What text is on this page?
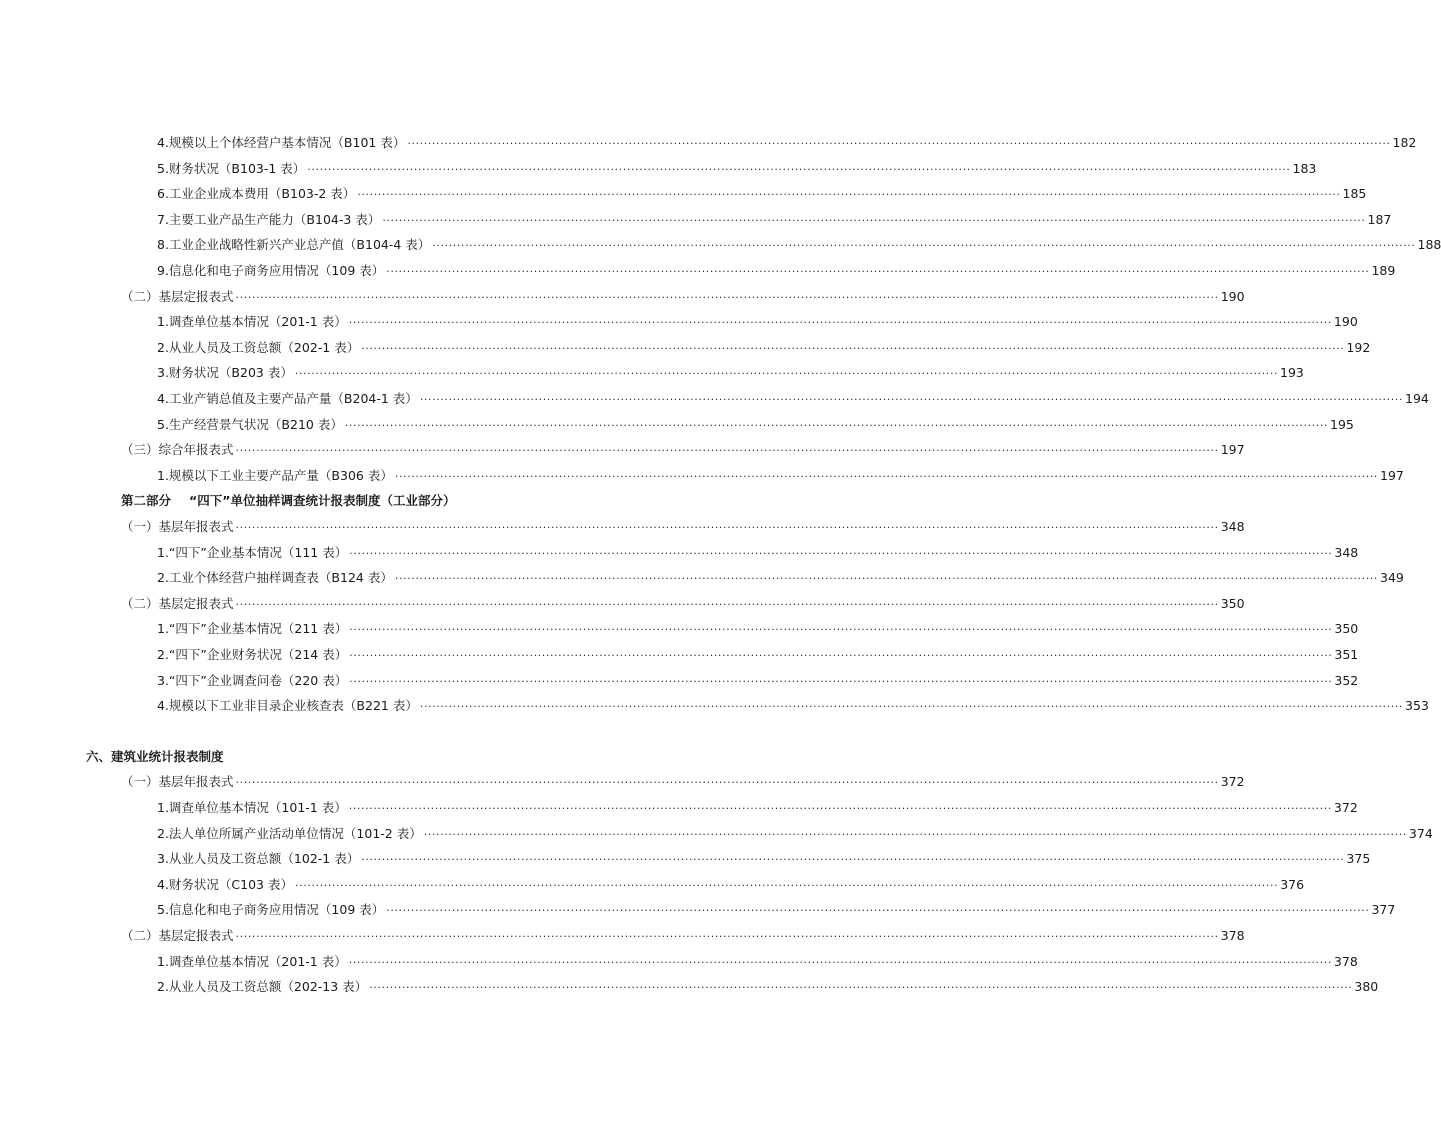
4.规模以上个体经营户基本情况（B101 表） ················································································································································································································································ 182
5.财务状况（B103-1 表） ················································································································································································································································ 183
6.工业企业成本费用（B103-2 表） ················································································································································································································································ 185
7.主要工业产品生产能力（B104-3 表） ················································································································································································································································ 187
8.工业企业战略性新兴产业总产值（B104-4 表） ················································································································································································································································ 188
9.信息化和电子商务应用情况（109 表） ················································································································································································································································ 189
（二）基层定报表式 ················································································································································································································································ 190
1.调查单位基本情况（201-1 表） ················································································································································································································································ 190
2.从业人员及工资总额（202-1 表） ················································································································································································································································ 192
3.财务状况（B203 表） ················································································································································································································································ 193
4.工业产销总值及主要产品产量（B204-1 表） ················································································································································································································································ 194
5.生产经营景气状况（B210 表） ················································································································································································································································ 195
（三）综合年报表式 ················································································································································································································································ 197
1.规模以下工业主要产品产量（B306 表） ················································································································································································································································ 197
第二部分 “四下”单位抽样调查统计报表制度（工业部分）
（一）基层年报表式 ················································································································································································································································ 348
1.“四下”企业基本情况（111 表） ················································································································································································································································ 348
2.工业个体经营户抽样调查表（B124 表） ················································································································································································································································ 349
（二）基层定报表式 ················································································································································································································································ 350
1.“四下”企业基本情况（211 表） ················································································································································································································································ 350
2.“四下”企业财务状况（214 表） ················································································································································································································································ 351
3.“四下”企业调查问卷（220 表） ················································································································································································································································ 352
4.规模以下工业非目录企业核查表（B221 表） ················································································································································································································································ 353
六、建筑业统计报表制度
（一）基层年报表式 ················································································································································································································································ 372
1.调查单位基本情况（101-1 表） ················································································································································································································································ 372
2.法人单位所属产业活动单位情况（101-2 表） ················································································································································································································································ 374
3.从业人员及工资总额（102-1 表） ················································································································································································································································ 375
4.财务状况（C103 表） ················································································································································································································································ 376
5.信息化和电子商务应用情况（109 表） ················································································································································································································································ 377
（二）基层定报表式 ················································································································································································································································ 378
1.调查单位基本情况（201-1 表） ················································································································································································································································ 378
2.从业人员及工资总额（202-13 表） ················································································································································································································································ 380
